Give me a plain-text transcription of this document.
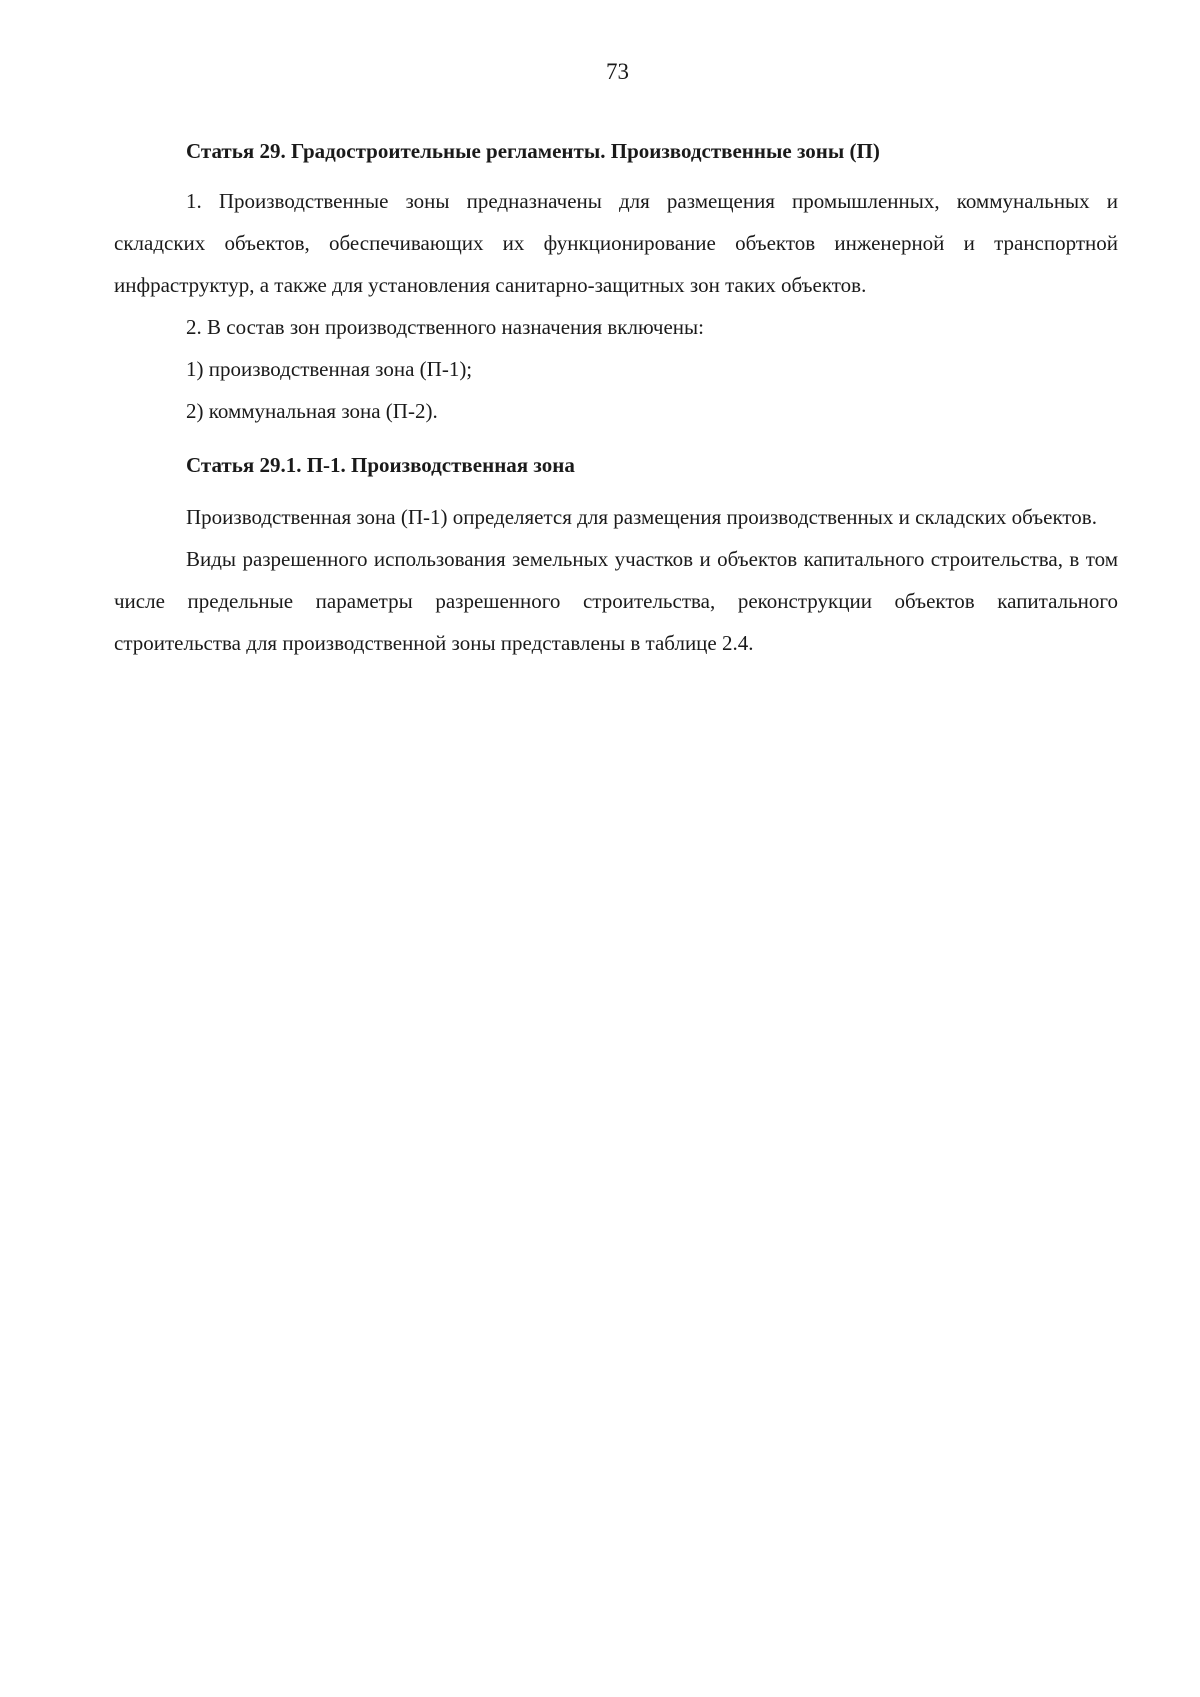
73

Статья 29. Градостроительные регламенты. Производственные зоны (П)

1. Производственные зоны предназначены для размещения промышленных, коммунальных и складских объектов, обеспечивающих их функционирование объектов инженерной и транспортной инфраструктур, а также для установления санитарно-защитных зон таких объектов.

2. В состав зон производственного назначения включены:

1) производственная зона (П-1);

2) коммунальная зона (П-2).

Статья 29.1. П-1. Производственная зона

Производственная зона (П-1) определяется для размещения производственных и складских объектов.

Виды разрешенного использования земельных участков и объектов капитального строительства, в том числе предельные параметры разрешенного строительства, реконструкции объектов капитального строительства для производственной зоны представлены в таблице 2.4.
